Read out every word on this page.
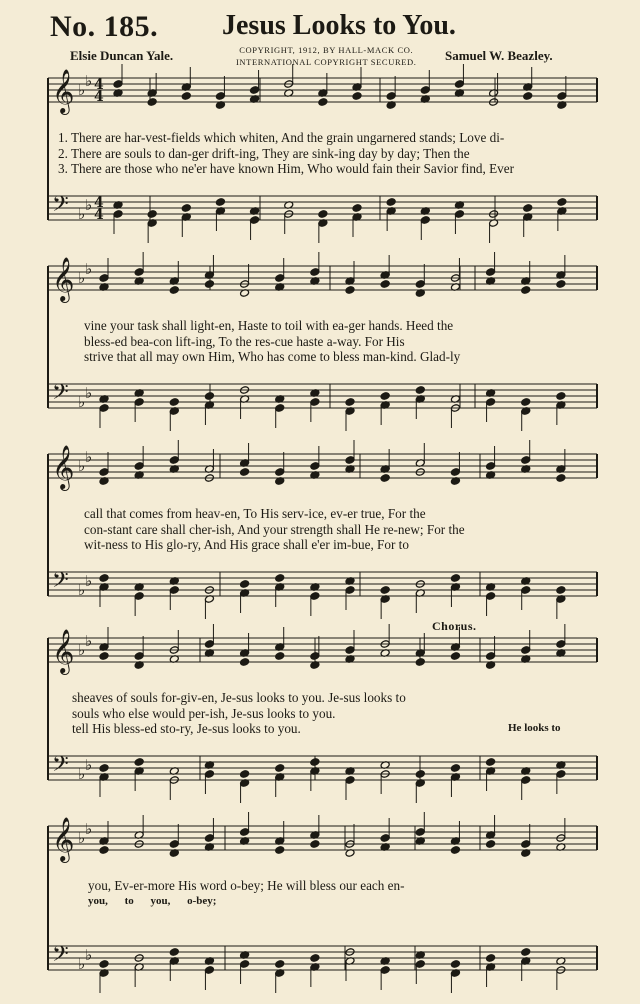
No. 185. Jesus Looks to You.
Elsie Duncan Yale.	COPYRIGHT, 1912, BY HALL-MACK CO.
INTERNATIONAL COPYRIGHT SECURED. Samuel W. Beazley.
𝄞 ♭ ♭ 4
4
𝄢 ♭ ♭ 4
4
𝄞 ♭ ♭
𝄢 ♭ ♭
𝄞 ♭ ♭
𝄢 ♭ ♭
𝄞 ♭ ♭
𝄢 ♭ ♭
𝄞 ♭ ♭
𝄢 ♭ ♭
1. There are har-vest-fields which whiten, And the grain ungarnered stands; Love di-
2. There are souls to dan-ger drift-ing, They are sink-ing day by day; Then the
3. There are those who ne'er have known Him, Who would fain their Savior find, Ever
vine your task shall light-en, Haste to toil with ea-ger hands. Heed the
bless-ed bea-con lift-ing, To the res-cue haste a-way. For His
strive that all may own Him, Who has come to bless man-kind. Glad-ly
call that comes from heav-en, To His serv-ice, ev-er true, For the
con-stant care shall cher-ish, And your strength shall He re-new; For the
wit-ness to His glo-ry, And His grace shall e'er im-bue, For to
Chorus.
sheaves of souls for-giv-en, Je-sus looks to you. Je-sus looks to
souls who else would per-ish, Je-sus looks to you.
tell His bless-ed sto-ry, Je-sus looks to you.	He looks to
you, Ev-er-more His word o-bey; He will bless our each en-
you, to you, o-bey;
